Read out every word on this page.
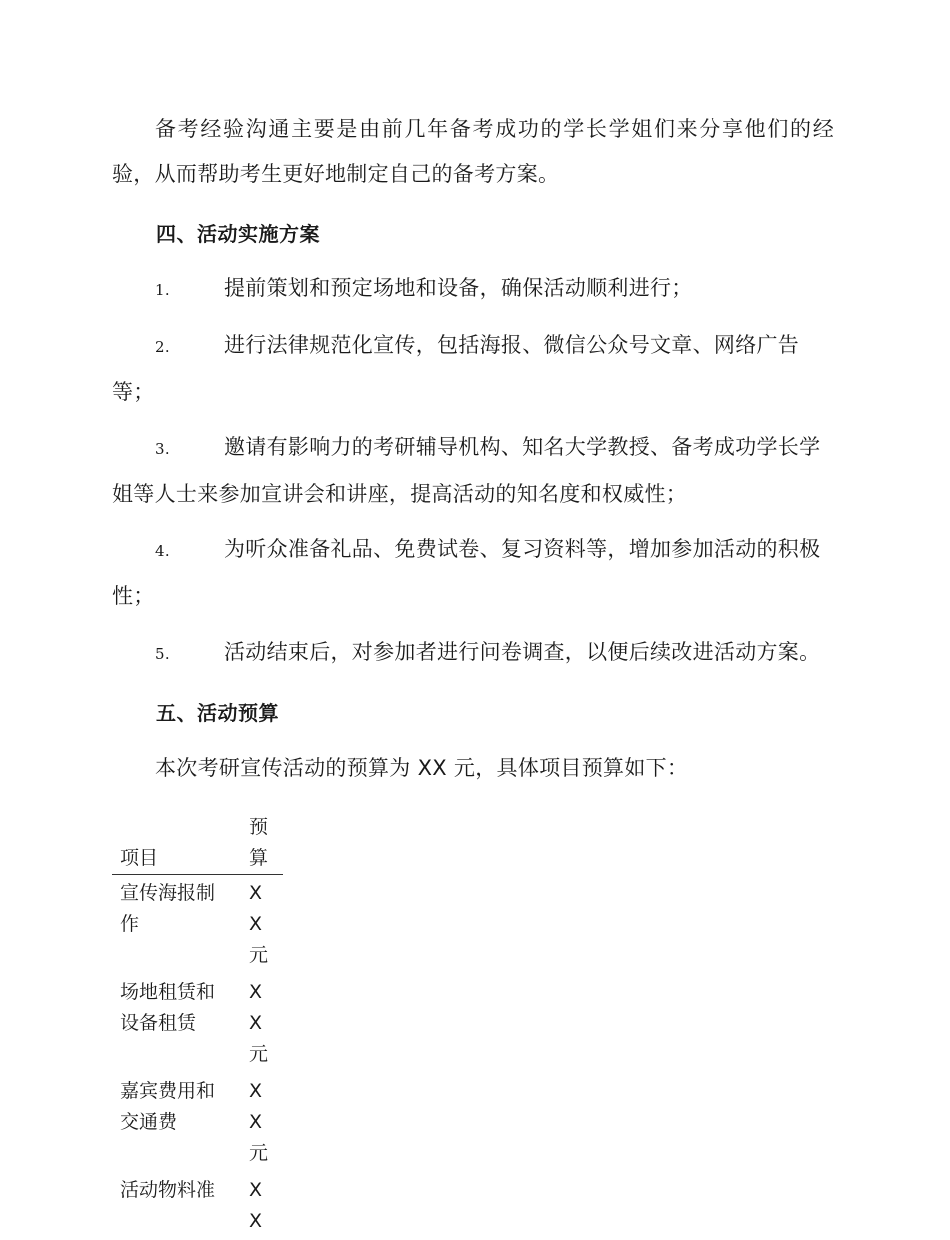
备考经验沟通主要是由前几年备考成功的学长学姐们来分享他们的经验，从而帮助考生更好地制定自己的备考方案。

四、活动实施方案

1.	提前策划和预定场地和设备，确保活动顺利进行；

2.	进行法律规范化宣传，包括海报、微信公众号文章、网络广告等；

3.	邀请有影响力的考研辅导机构、知名大学教授、备考成功学长学姐等人士来参加宣讲会和讲座，提高活动的知名度和权威性；

4.	为听众准备礼品、免费试卷、复习资料等，增加参加活动的积极性；

5.	活动结束后，对参加者进行问卷调查，以便后续改进活动方案。

五、活动预算

本次考研宣传活动的预算为 XX 元，具体项目预算如下：

项目	预算

宣传海报制作	XX元

场地租赁和设备租赁	XX元

嘉宾费用和交通费	XX元

活动物料准	XX
